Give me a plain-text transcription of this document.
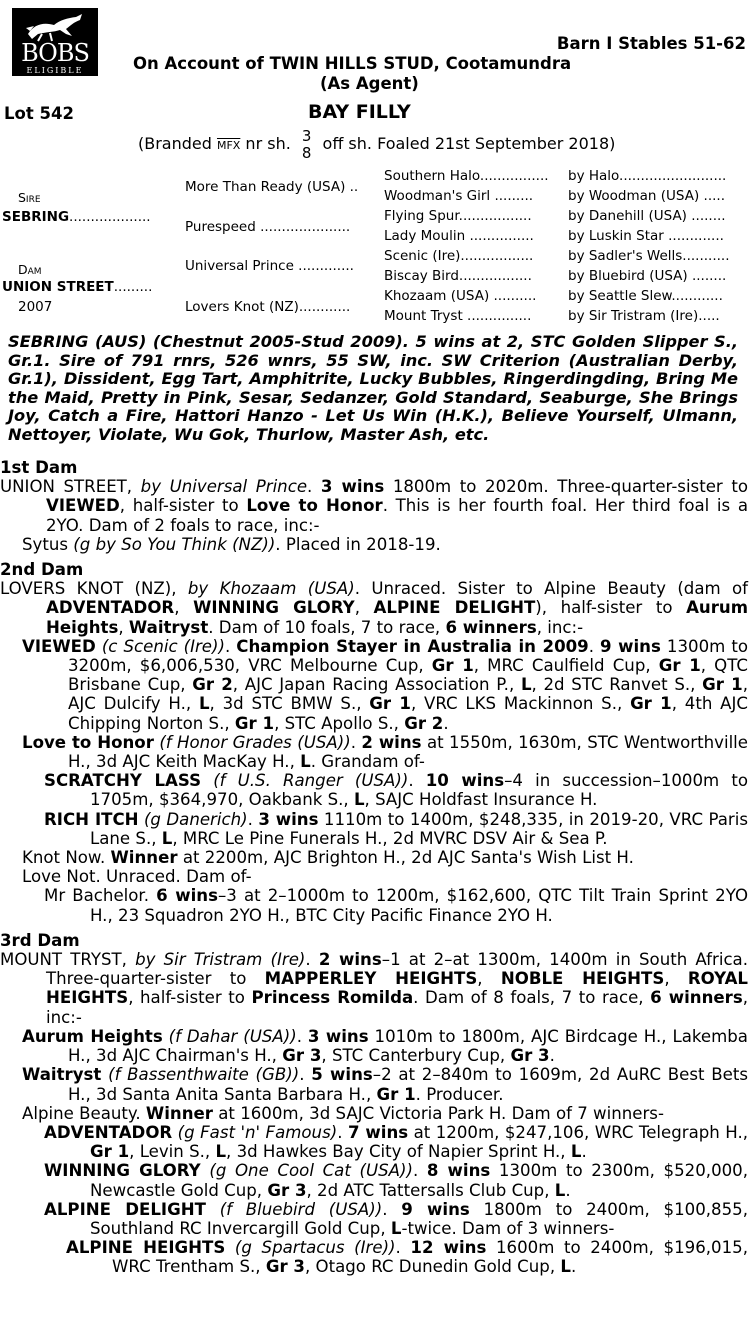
BOBS
ELIGIBLE
Barn I Stables 51-62
On Account of TWIN HILLS STUD, Cootamundra
(As Agent)
Lot 542	BAY FILLY
(Branded $\overline{MFX}$ nr sh. 3
8 off sh. Foaled 21st September 2018)
Sire
SEBRING...................
Dam
UNION STREET.........
2007
More Than Ready (USA) ..
Purespeed .....................
Universal Prince .............
Lovers Knot (NZ)............
Southern Halo................
Woodman's Girl .........
Flying Spur.................
Lady Moulin ...............
Scenic (Ire).................
Biscay Bird.................
Khozaam (USA) ..........
Mount Tryst ...............
by Halo.........................
by Woodman (USA) .....
by Danehill (USA) ........
by Luskin Star .............
by Sadler's Wells...........
by Bluebird (USA) ........
by Seattle Slew............
by Sir Tristram (Ire).....

SEBRING (AUS) (Chestnut 2005-Stud 2009). 5 wins at 2, STC Golden Slipper S., Gr.1. Sire of 791 rnrs, 526 wnrs, 55 SW, inc. SW Criterion (Australian Derby, Gr.1), Dissident, Egg Tart, Amphitrite, Lucky Bubbles, Ringerdingding, Bring Me the Maid, Pretty in Pink, Sesar, Sedanzer, Gold Standard, Seaburge, She Brings Joy, Catch a Fire, Hattori Hanzo - Let Us Win (H.K.), Believe Yourself, Ulmann, Nettoyer, Violate, Wu Gok, Thurlow, Master Ash, etc.

1st Dam

UNION STREET, by Universal Prince. 3 wins 1800m to 2020m. Three-quarter-sister to VIEWED, half-sister to Love to Honor. This is her fourth foal. Her third foal is a 2YO. Dam of 2 foals to race, inc:-

Sytus (g by So You Think (NZ)). Placed in 2018-19.

2nd Dam

LOVERS KNOT (NZ), by Khozaam (USA). Unraced. Sister to Alpine Beauty (dam of ADVENTADOR, WINNING GLORY, ALPINE DELIGHT), half-sister to Aurum Heights, Waitryst. Dam of 10 foals, 7 to race, 6 winners, inc:-

VIEWED (c Scenic (Ire)). Champion Stayer in Australia in 2009. 9 wins 1300m to 3200m, $6,006,530, VRC Melbourne Cup, Gr 1, MRC Caulfield Cup, Gr 1, QTC Brisbane Cup, Gr 2, AJC Japan Racing Association P., L, 2d STC Ranvet S., Gr 1, AJC Dulcify H., L, 3d STC BMW S., Gr 1, VRC LKS Mackinnon S., Gr 1, 4th AJC Chipping Norton S., Gr 1, STC Apollo S., Gr 2.

Love to Honor (f Honor Grades (USA)). 2 wins at 1550m, 1630m, STC Wentworthville H., 3d AJC Keith MacKay H., L. Grandam of-

SCRATCHY LASS (f U.S. Ranger (USA)). 10 wins–4 in succession–1000m to 1705m, $364,970, Oakbank S., L, SAJC Holdfast Insurance H.

RICH ITCH (g Danerich). 3 wins 1110m to 1400m, $248,335, in 2019-20, VRC Paris Lane S., L, MRC Le Pine Funerals H., 2d MVRC DSV Air & Sea P.

Knot Now. Winner at 2200m, AJC Brighton H., 2d AJC Santa's Wish List H.

Love Not. Unraced. Dam of-

Mr Bachelor. 6 wins–3 at 2–1000m to 1200m, $162,600, QTC Tilt Train Sprint 2YO H., 23 Squadron 2YO H., BTC City Pacific Finance 2YO H.

3rd Dam

MOUNT TRYST, by Sir Tristram (Ire). 2 wins–1 at 2–at 1300m, 1400m in South Africa. Three-quarter-sister to MAPPERLEY HEIGHTS, NOBLE HEIGHTS, ROYAL HEIGHTS, half-sister to Princess Romilda. Dam of 8 foals, 7 to race, 6 winners, inc:-

Aurum Heights (f Dahar (USA)). 3 wins 1010m to 1800m, AJC Birdcage H., Lakemba H., 3d AJC Chairman's H., Gr 3, STC Canterbury Cup, Gr 3.

Waitryst (f Bassenthwaite (GB)). 5 wins–2 at 2–840m to 1609m, 2d AuRC Best Bets H., 3d Santa Anita Santa Barbara H., Gr 1. Producer.

Alpine Beauty. Winner at 1600m, 3d SAJC Victoria Park H. Dam of 7 winners-

ADVENTADOR (g Fast 'n' Famous). 7 wins at 1200m, $247,106, WRC Telegraph H., Gr 1, Levin S., L, 3d Hawkes Bay City of Napier Sprint H., L.

WINNING GLORY (g One Cool Cat (USA)). 8 wins 1300m to 2300m, $520,000, Newcastle Gold Cup, Gr 3, 2d ATC Tattersalls Club Cup, L.

ALPINE DELIGHT (f Bluebird (USA)). 9 wins 1800m to 2400m, $100,855, Southland RC Invercargill Gold Cup, L-twice. Dam of 3 winners-

ALPINE HEIGHTS (g Spartacus (Ire)). 12 wins 1600m to 2400m, $196,015, WRC Trentham S., Gr 3, Otago RC Dunedin Gold Cup, L.
